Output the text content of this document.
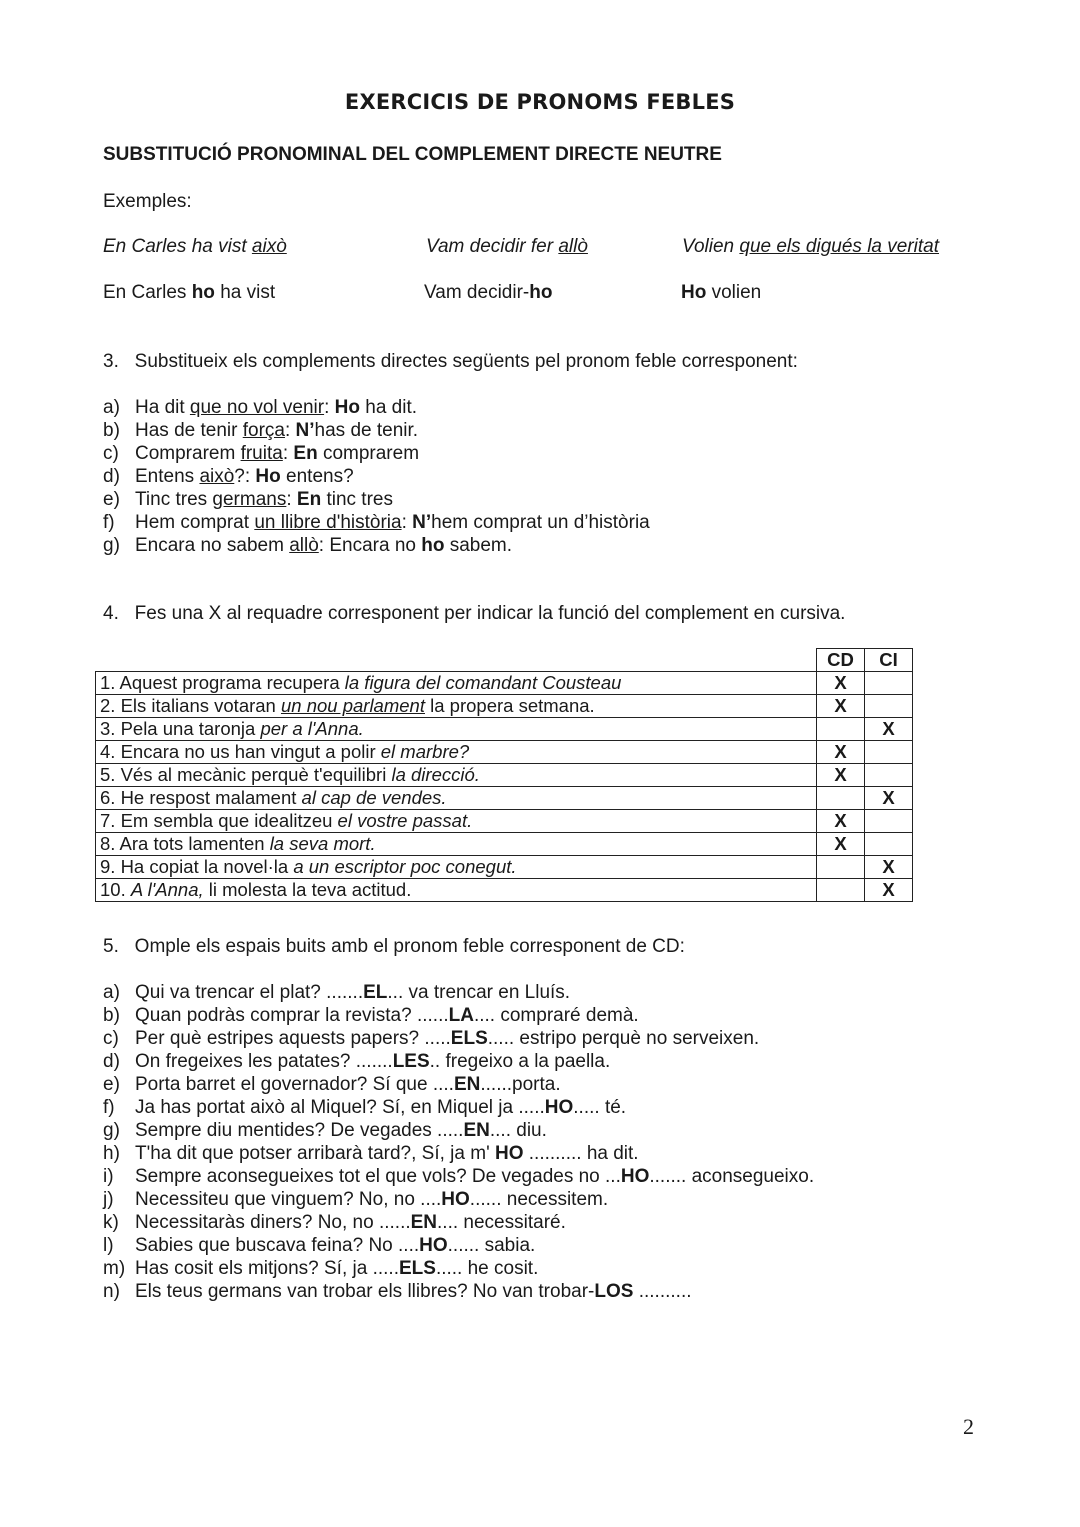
EXERCICIS DE PRONOMS FEBLES
SUBSTITUCIÓ PRONOMINAL DEL COMPLEMENT DIRECTE NEUTRE
Exemples:
En Carles ha vist això	Vam decidir fer allò	Volien que els digués la veritat
En Carles ho ha vist	Vam decidir-ho	Ho volien
3.   Substitueix els complements directes següents pel pronom feble corresponent:
a) Ha dit que no vol venir: Ho ha dit.
b) Has de tenir força: N’has de tenir.
c) Comprarem fruita: En comprarem
d) Entens això?: Ho entens?
e) Tinc tres germans: En tinc tres
f) Hem comprat un llibre d'història: N’hem comprat un d’història
g) Encara no sabem allò: Encara no ho sabem.
4.   Fes una X al requadre corresponent per indicar la funció del complement en cursiva.
	CD	CI
1. Aquest programa recupera la figura del comandant Cousteau	X	
2. Els italians votaran un nou parlament la propera setmana.	X	
3. Pela una taronja per a l'Anna.		X
4. Encara no us han vingut a polir el marbre?	X	
5. Vés al mecànic perquè t'equilibri la direcció.	X	
6. He respost malament al cap de vendes.		X
7. Em sembla que idealitzeu el vostre passat.	X	
8. Ara tots lamenten la seva mort.	X	
9. Ha copiat la novel·la a un escriptor poc conegut.		X
10. A l'Anna, li molesta la teva actitud.		X
5.   Omple els espais buits amb el pronom feble corresponent de CD:
a) Qui va trencar el plat? .......EL... va trencar en Lluís.
b) Quan podràs comprar la revista? ......LA.... compraré demà.
c) Per què estripes aquests papers? .....ELS..... estripo perquè no serveixen.
d) On fregeixes les patates? .......LES.. fregeixo a la paella.
e) Porta barret el governador? Sí que ....EN......porta.
f) Ja has portat això al Miquel? Sí, en Miquel ja .....HO..... té.
g) Sempre diu mentides? De vegades .....EN.... diu.
h) T'ha dit que potser arribarà tard?, Sí, ja m' HO .......... ha dit.
i) Sempre aconsegueixes tot el que vols? De vegades no ...HO....... aconsegueixo.
j) Necessiteu que vinguem? No, no ....HO...... necessitem.
k) Necessitaràs diners? No, no ......EN.... necessitaré.
l) Sabies que buscava feina? No ....HO...... sabia.
m) Has cosit els mitjons? Sí, ja .....ELS..... he cosit.
n) Els teus germans van trobar els llibres? No van trobar-LOS ..........
2
